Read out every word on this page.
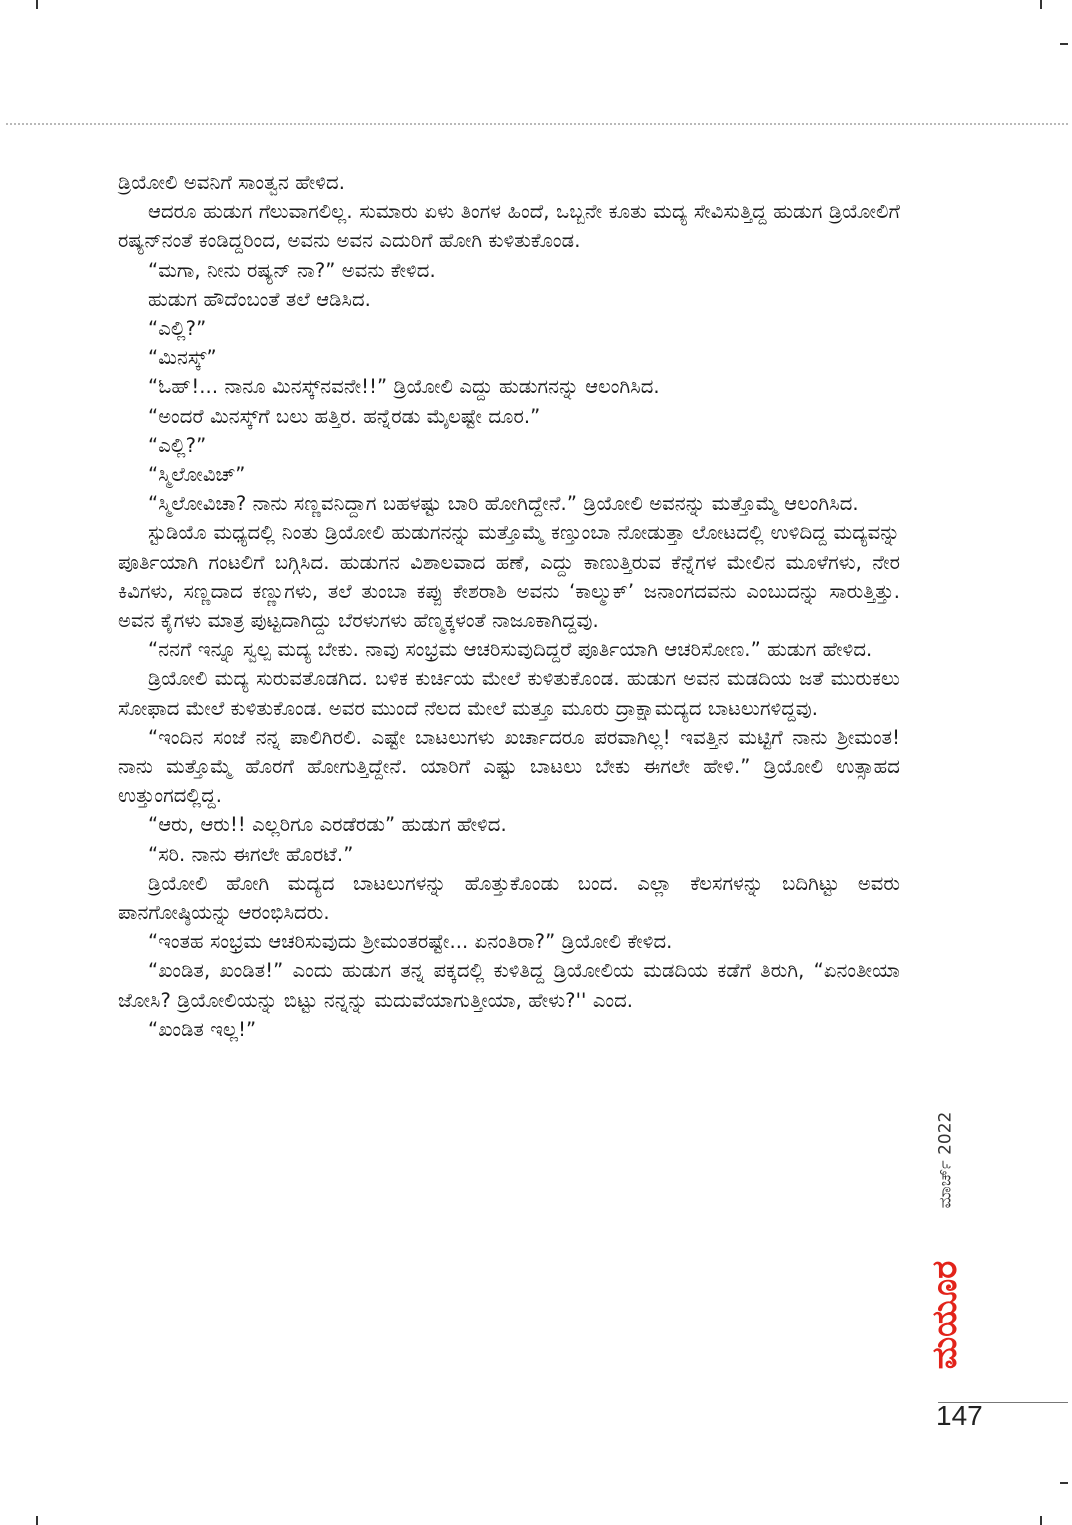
ಡ್ರಿಯೋಲಿ ಅವನಿಗೆ ಸಾಂತ್ವನ ಹೇಳಿದ.

ಆದರೂ ಹುಡುಗ ಗೆಲುವಾಗಲಿಲ್ಲ. ಸುಮಾರು ಏಳು ತಿಂಗಳ ಹಿಂದೆ, ಒಬ್ಬನೇ ಕೂತು ಮದ್ಯ ಸೇವಿಸುತ್ತಿದ್ದ ಹುಡುಗ ಡ್ರಿಯೋಲಿಗೆ ರಷ್ಯನ್‌ನಂತೆ ಕಂಡಿದ್ದರಿಂದ, ಅವನು ಅವನ ಎದುರಿಗೆ ಹೋಗಿ ಕುಳಿತುಕೊಂಡ.

“ಮಗಾ, ನೀನು ರಷ್ಯನ್ ನಾ?” ಅವನು ಕೇಳಿದ.

ಹುಡುಗ ಹೌದೆಂಬಂತೆ ತಲೆ ಆಡಿಸಿದ.

“ಎಲ್ಲಿ?”

“ಮಿನಸ್ಕ್”

“ಓಹ್!... ನಾನೂ ಮಿನಸ್ಕ್‌ನವನೇ!!” ಡ್ರಿಯೋಲಿ ಎದ್ದು ಹುಡುಗನನ್ನು ಆಲಂಗಿಸಿದ.

“ಅಂದರೆ ಮಿನಸ್ಕ್‌ಗೆ ಬಲು ಹತ್ತಿರ. ಹನ್ನೆರಡು ಮೈಲಷ್ಟೇ ದೂರ.”

“ಎಲ್ಲಿ?”

“ಸ್ಮಿಲೋವಿಚ್”

“ಸ್ಮಿಲೋವಿಚಾ? ನಾನು ಸಣ್ಣವನಿದ್ದಾಗ ಬಹಳಷ್ಟು ಬಾರಿ ಹೋಗಿದ್ದೇನೆ.” ಡ್ರಿಯೋಲಿ ಅವನನ್ನು ಮತ್ತೊಮ್ಮೆ ಆಲಂಗಿಸಿದ.

ಸ್ಟುಡಿಯೊ ಮಧ್ಯದಲ್ಲಿ ನಿಂತು ಡ್ರಿಯೋಲಿ ಹುಡುಗನನ್ನು ಮತ್ತೊಮ್ಮೆ ಕಣ್ತುಂಬಾ ನೋಡುತ್ತಾ ಲೋಟದಲ್ಲಿ ಉಳಿದಿದ್ದ ಮದ್ಯವನ್ನು ಪೂರ್ತಿಯಾಗಿ ಗಂಟಲಿಗೆ ಬಗ್ಗಿಸಿದ. ಹುಡುಗನ ವಿಶಾಲವಾದ ಹಣೆ, ಎದ್ದು ಕಾಣುತ್ತಿರುವ ಕೆನ್ನೆಗಳ ಮೇಲಿನ ಮೂಳೆಗಳು, ನೇರ ಕಿವಿಗಳು, ಸಣ್ಣದಾದ ಕಣ್ಣುಗಳು, ತಲೆ ತುಂಬಾ ಕಪ್ಪು ಕೇಶರಾಶಿ ಅವನು ‘ಕಾಲ್ಮುಕ್’ ಜನಾಂಗದವನು ಎಂಬುದನ್ನು ಸಾರುತ್ತಿತ್ತು. ಅವನ ಕೈಗಳು ಮಾತ್ರ ಪುಟ್ಟದಾಗಿದ್ದು ಬೆರಳುಗಳು ಹೆಣ್ಮಕ್ಕಳಂತೆ ನಾಜೂಕಾಗಿದ್ದವು.

“ನನಗೆ ಇನ್ನೂ ಸ್ವಲ್ಪ ಮದ್ಯ ಬೇಕು. ನಾವು ಸಂಭ್ರಮ ಆಚರಿಸುವುದಿದ್ದರೆ ಪೂರ್ತಿಯಾಗಿ ಆಚರಿಸೋಣ.” ಹುಡುಗ ಹೇಳಿದ.

ಡ್ರಿಯೋಲಿ ಮದ್ಯ ಸುರುವತೊಡಗಿದ. ಬಳಿಕ ಕುರ್ಚಿಯ ಮೇಲೆ ಕುಳಿತುಕೊಂಡ. ಹುಡುಗ ಅವನ ಮಡದಿಯ ಜತೆ ಮುರುಕಲು ಸೋಫಾದ ಮೇಲೆ ಕುಳಿತುಕೊಂಡ. ಅವರ ಮುಂದೆ ನೆಲದ ಮೇಲೆ ಮತ್ತೂ ಮೂರು ದ್ರಾಕ್ಷಾಮದ್ಯದ ಬಾಟಲುಗಳಿದ್ದವು.

“ಇಂದಿನ ಸಂಜೆ ನನ್ನ ಪಾಲಿಗಿರಲಿ. ಎಷ್ಟೇ ಬಾಟಲುಗಳು ಖರ್ಚಾದರೂ ಪರವಾಗಿಲ್ಲ! ಇವತ್ತಿನ ಮಟ್ಟಿಗೆ ನಾನು ಶ್ರೀಮಂತ! ನಾನು ಮತ್ತೊಮ್ಮೆ ಹೊರಗೆ ಹೋಗುತ್ತಿದ್ದೇನೆ. ಯಾರಿಗೆ ಎಷ್ಟು ಬಾಟಲು ಬೇಕು ಈಗಲೇ ಹೇಳಿ.” ಡ್ರಿಯೋಲಿ ಉತ್ಸಾಹದ ಉತ್ತುಂಗದಲ್ಲಿದ್ದ.

“ಆರು, ಆರು!! ಎಲ್ಲರಿಗೂ ಎರಡೆರಡು” ಹುಡುಗ ಹೇಳಿದ.

“ಸರಿ. ನಾನು ಈಗಲೇ ಹೊರಟೆ.”

ಡ್ರಿಯೋಲಿ ಹೋಗಿ ಮದ್ಯದ ಬಾಟಲುಗಳನ್ನು ಹೊತ್ತುಕೊಂಡು ಬಂದ. ಎಲ್ಲಾ ಕೆಲಸಗಳನ್ನು ಬದಿಗಿಟ್ಟು ಅವರು ಪಾನಗೋಷ್ಠಿಯನ್ನು ಆರಂಭಿಸಿದರು.

“ಇಂತಹ ಸಂಭ್ರಮ ಆಚರಿಸುವುದು ಶ್ರೀಮಂತರಷ್ಟೇ... ಏನಂತಿರಾ?” ಡ್ರಿಯೋಲಿ ಕೇಳಿದ.

“ಖಂಡಿತ, ಖಂಡಿತ!” ಎಂದು ಹುಡುಗ ತನ್ನ ಪಕ್ಕದಲ್ಲಿ ಕುಳಿತಿದ್ದ ಡ್ರಿಯೋಲಿಯ ಮಡದಿಯ ಕಡೆಗೆ ತಿರುಗಿ, “ಏನಂತೀಯಾ ಜೋಸಿ? ಡ್ರಿಯೋಲಿಯನ್ನು ಬಿಟ್ಟು ನನ್ನನ್ನು ಮದುವೆಯಾಗುತ್ತೀಯಾ, ಹೇಳು?'' ಎಂದ.

“ಖಂಡಿತ ಇಲ್ಲ!”

ಮಾರ್ಚ್ 2022
ಮಯೂರ
147
